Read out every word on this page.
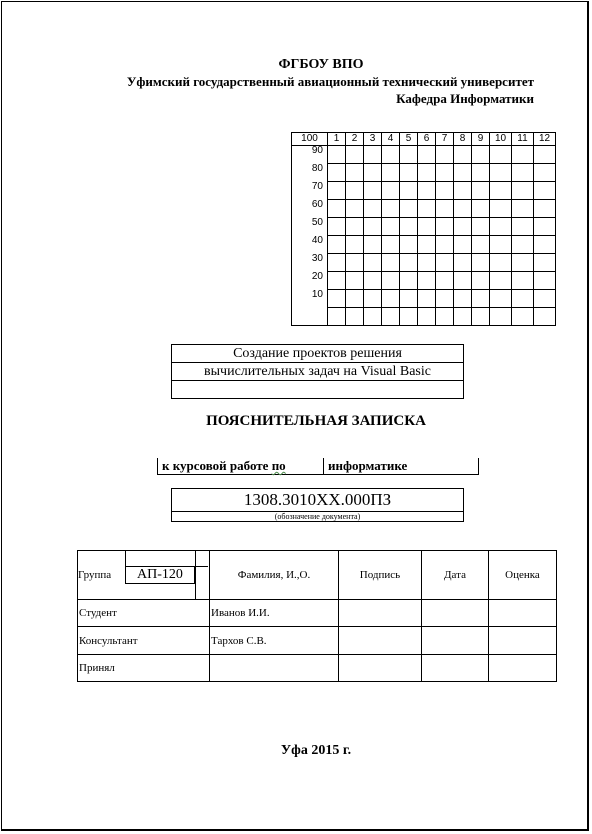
ФГБОУ ВПО
Уфимский государственный авиационный технический университет
Кафедра Информатики
100	1	2	3	4	5	6	7	8	9	10	11	12
90												
80												
70												
60												
50												
40												
30												
20												
10												

Создание проектов решения
вычислительных задач на Visual Basic

ПОЯСНИТЕЛЬНАЯ ЗАПИСКА
к курсовой работе по	информатике
1308.3010XX.000ПЗ
(обозначение документа)
Группа АП-120	Фамилия, И.,О.	Подпись	Дата	Оценка
Студент	Иванов И.И.			
Консультант	Тархов С.В.			
Принял				
Уфа 2015 г.
